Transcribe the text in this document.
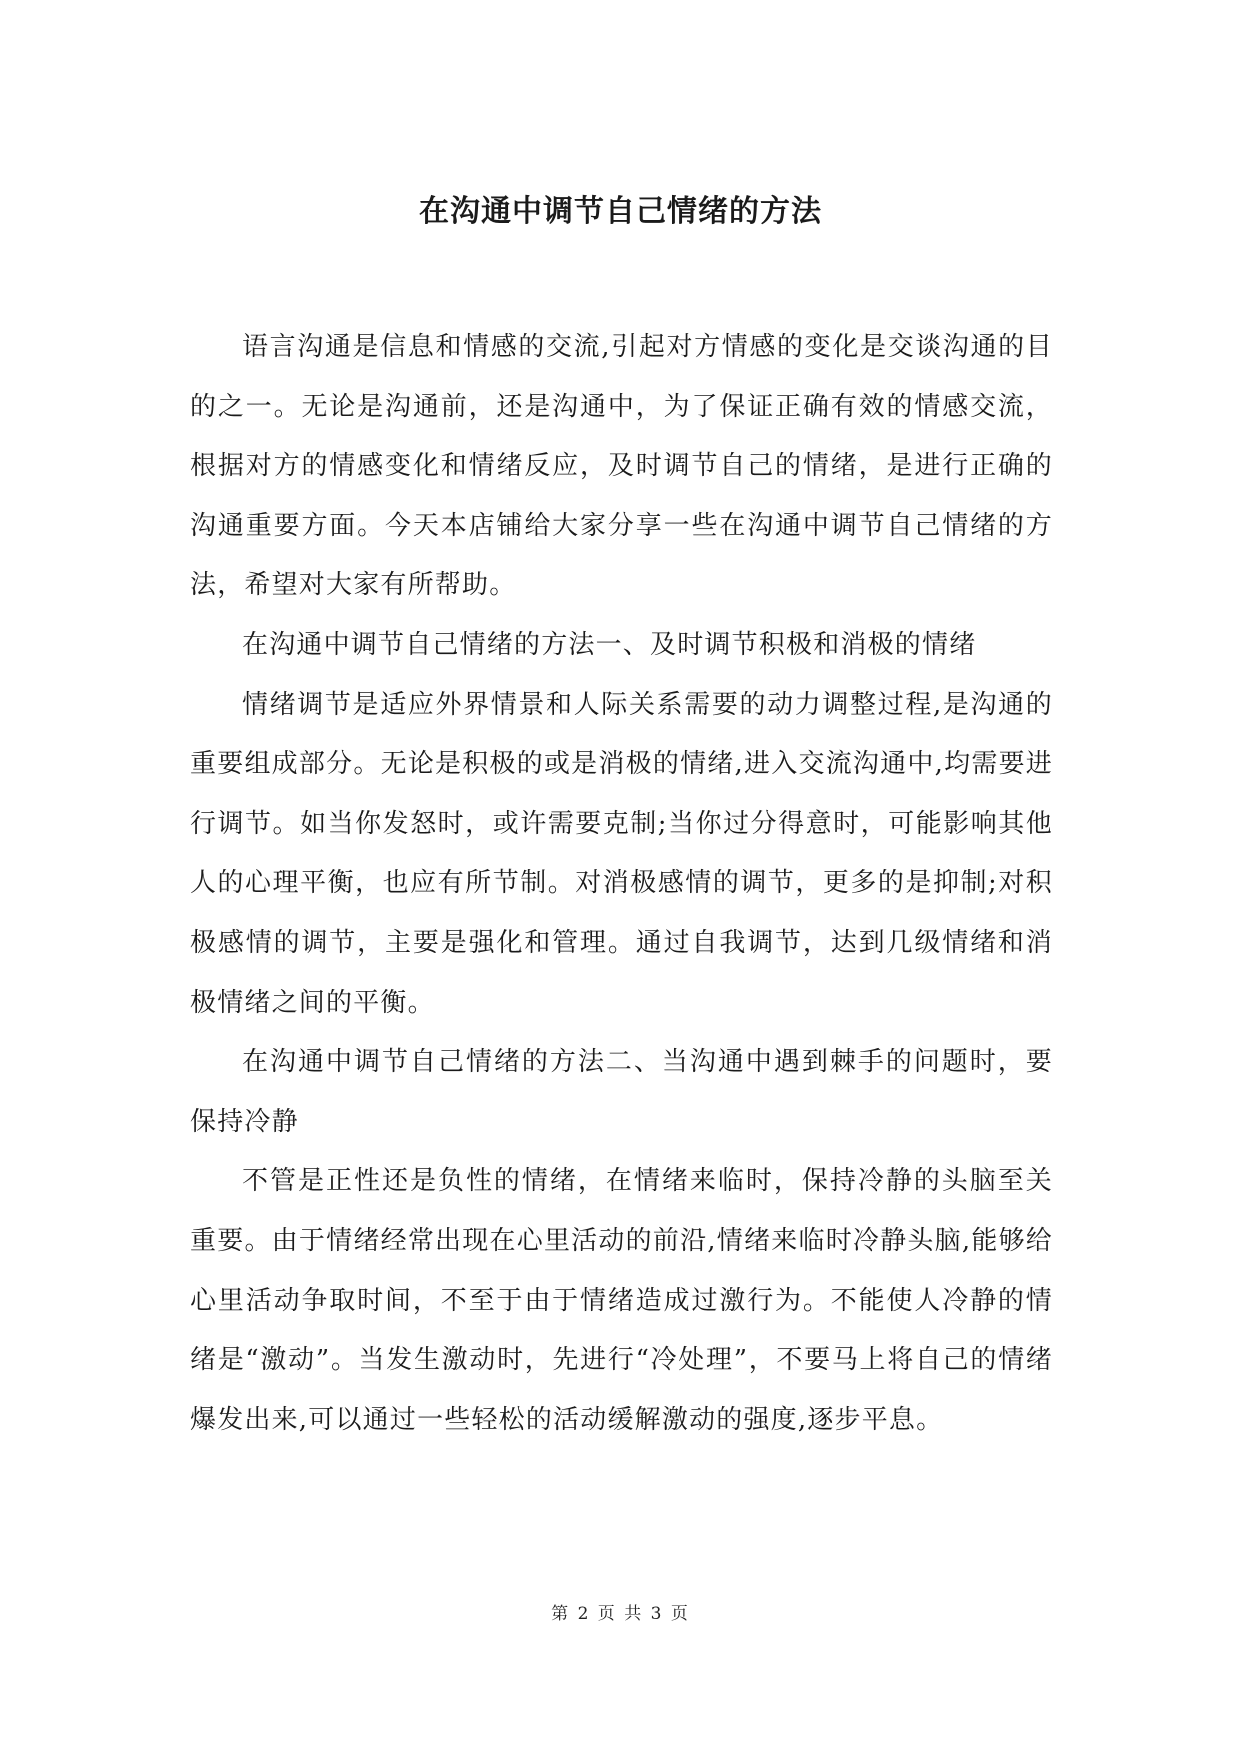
在沟通中调节自己情绪的方法

语言沟通是信息和情感的交流,引起对方情感的变化是交谈沟通的目的之一。无论是沟通前，还是沟通中，为了保证正确有效的情感交流，根据对方的情感变化和情绪反应，及时调节自己的情绪，是进行正确的沟通重要方面。今天本店铺给大家分享一些在沟通中调节自己情绪的方法，希望对大家有所帮助。

在沟通中调节自己情绪的方法一、及时调节积极和消极的情绪

情绪调节是适应外界情景和人际关系需要的动力调整过程,是沟通的重要组成部分。无论是积极的或是消极的情绪,进入交流沟通中,均需要进行调节。如当你发怒时，或许需要克制;当你过分得意时，可能影响其他人的心理平衡，也应有所节制。对消极感情的调节，更多的是抑制;对积极感情的调节，主要是强化和管理。通过自我调节，达到几级情绪和消极情绪之间的平衡。

在沟通中调节自己情绪的方法二、当沟通中遇到棘手的问题时，要保持冷静

不管是正性还是负性的情绪，在情绪来临时，保持冷静的头脑至关重要。由于情绪经常出现在心里活动的前沿,情绪来临时冷静头脑,能够给心里活动争取时间，不至于由于情绪造成过激行为。不能使人冷静的情绪是“激动”。当发生激动时，先进行“冷处理”，不要马上将自己的情绪爆发出来,可以通过一些轻松的活动缓解激动的强度,逐步平息。

第 2 页 共 3 页
